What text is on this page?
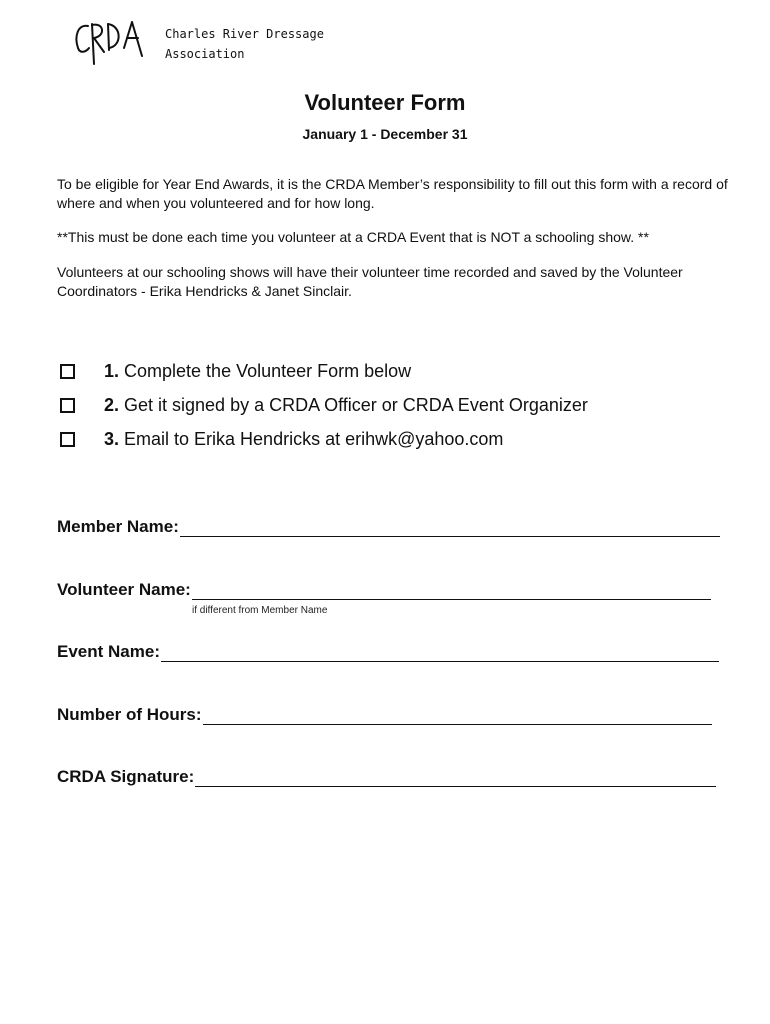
Charles River Dressage
Association
Volunteer Form
January 1 - December 31
To be eligible for Year End Awards, it is the CRDA Member’s responsibility to fill out this form with a record of where and when you volunteered and for how long.
**This must be done each time you volunteer at a CRDA Event that is NOT a schooling show. **
Volunteers at our schooling shows will have their volunteer time recorded and saved by the Volunteer Coordinators - Erika Hendricks & Janet Sinclair.
1. Complete the Volunteer Form below
2. Get it signed by a CRDA Officer or CRDA Event Organizer
3. Email to Erika Hendricks at erihwk@yahoo.com
Member Name:
Volunteer Name:
if different from Member Name
Event Name:
Number of Hours:
CRDA Signature:
